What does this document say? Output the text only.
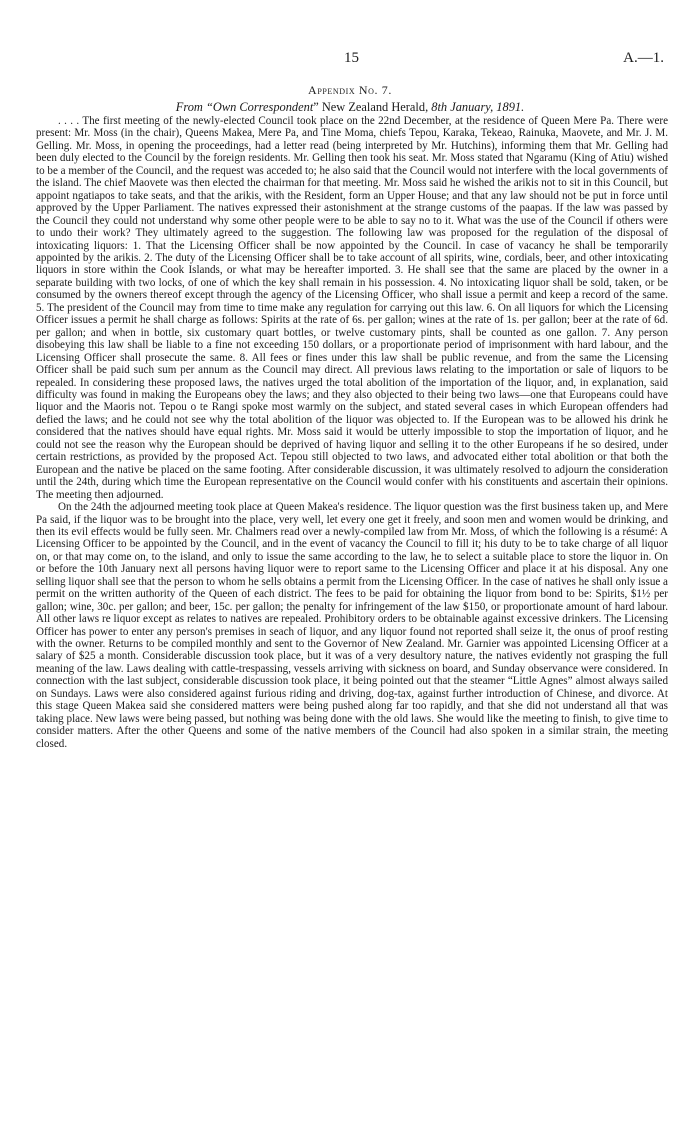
15	A.—1.
Appendix No. 7.
From “Own Correspondent” New Zealand Herald, 8th January, 1891.

. . . . The first meeting of the newly-elected Council took place on the 22nd December, at the residence of Queen Mere Pa. There were present: Mr. Moss (in the chair), Queens Makea, Mere Pa, and Tine Moma, chiefs Tepou, Karaka, Tekeao, Rainuka, Maovete, and Mr. J. M. Gelling. Mr. Moss, in opening the proceedings, had a letter read (being interpreted by Mr. Hutchins), informing them that Mr. Gelling had been duly elected to the Council by the foreign residents. Mr. Gelling then took his seat. Mr. Moss stated that Ngaramu (King of Atiu) wished to be a member of the Council, and the request was acceded to; he also said that the Council would not interfere with the local governments of the island. The chief Maovete was then elected the chairman for that meeting. Mr. Moss said he wished the arikis not to sit in this Council, but appoint ngatiapos to take seats, and that the arikis, with the Resident, form an Upper House; and that any law should not be put in force until approved by the Upper Parliament. The natives expressed their astonishment at the strange customs of the paapas. If the law was passed by the Council they could not understand why some other people were to be able to say no to it. What was the use of the Council if others were to undo their work? They ultimately agreed to the suggestion. The following law was proposed for the regulation of the disposal of intoxicating liquors: 1. That the Licensing Officer shall be now appointed by the Council. In case of vacancy he shall be temporarily appointed by the arikis. 2. The duty of the Licensing Officer shall be to take account of all spirits, wine, cordials, beer, and other intoxicating liquors in store within the Cook Islands, or what may be hereafter imported. 3. He shall see that the same are placed by the owner in a separate building with two locks, of one of which the key shall remain in his possession. 4. No intoxicating liquor shall be sold, taken, or be consumed by the owners thereof except through the agency of the Licensing Officer, who shall issue a permit and keep a record of the same. 5. The president of the Council may from time to time make any regulation for carrying out this law. 6. On all liquors for which the Licensing Officer issues a permit he shall charge as follows: Spirits at the rate of 6s. per gallon; wines at the rate of 1s. per gallon; beer at the rate of 6d. per gallon; and when in bottle, six customary quart bottles, or twelve customary pints, shall be counted as one gallon. 7. Any person disobeying this law shall be liable to a fine not exceeding 150 dollars, or a proportionate period of imprisonment with hard labour, and the Licensing Officer shall prosecute the same. 8. All fees or fines under this law shall be public revenue, and from the same the Licensing Officer shall be paid such sum per annum as the Council may direct. All previous laws relating to the importation or sale of liquors to be repealed. In considering these proposed laws, the natives urged the total abolition of the importation of the liquor, and, in explanation, said difficulty was found in making the Europeans obey the laws; and they also objected to their being two laws—one that Europeans could have liquor and the Maoris not. Tepou o te Rangi spoke most warmly on the subject, and stated several cases in which European offenders had defied the laws; and he could not see why the total abolition of the liquor was objected to. If the European was to be allowed his drink he considered that the natives should have equal rights. Mr. Moss said it would be utterly impossible to stop the importation of liquor, and he could not see the reason why the European should be deprived of having liquor and selling it to the other Europeans if he so desired, under certain restrictions, as provided by the proposed Act. Tepou still objected to two laws, and advocated either total abolition or that both the European and the native be placed on the same footing. After considerable discussion, it was ultimately resolved to adjourn the consideration until the 24th, during which time the European representative on the Council would confer with his constituents and ascertain their opinions. The meeting then adjourned.

On the 24th the adjourned meeting took place at Queen Makea's residence. The liquor question was the first business taken up, and Mere Pa said, if the liquor was to be brought into the place, very well, let every one get it freely, and soon men and women would be drinking, and then its evil effects would be fully seen. Mr. Chalmers read over a newly-compiled law from Mr. Moss, of which the following is a résumé: A Licensing Officer to be appointed by the Council, and in the event of vacancy the Council to fill it; his duty to be to take charge of all liquor on, or that may come on, to the island, and only to issue the same according to the law, he to select a suitable place to store the liquor in. On or before the 10th January next all persons having liquor were to report same to the Licensing Officer and place it at his disposal. Any one selling liquor shall see that the person to whom he sells obtains a permit from the Licensing Officer. In the case of natives he shall only issue a permit on the written authority of the Queen of each district. The fees to be paid for obtaining the liquor from bond to be: Spirits, $1½ per gallon; wine, 30c. per gallon; and beer, 15c. per gallon; the penalty for infringement of the law $150, or proportionate amount of hard labour. All other laws re liquor except as relates to natives are repealed. Prohibitory orders to be obtainable against excessive drinkers. The Licensing Officer has power to enter any person's premises in seach of liquor, and any liquor found not reported shall seize it, the onus of proof resting with the owner. Returns to be compiled monthly and sent to the Governor of New Zealand. Mr. Garnier was appointed Licensing Officer at a salary of $25 a month. Considerable discussion took place, but it was of a very desultory nature, the natives evidently not grasping the full meaning of the law. Laws dealing with cattle-trespassing, vessels arriving with sickness on board, and Sunday observance were considered. In connection with the last subject, considerable discussion took place, it being pointed out that the steamer “Little Agnes” almost always sailed on Sundays. Laws were also considered against furious riding and driving, dog-tax, against further introduction of Chinese, and divorce. At this stage Queen Makea said she considered matters were being pushed along far too rapidly, and that she did not understand all that was taking place. New laws were being passed, but nothing was being done with the old laws. She would like the meeting to finish, to give time to consider matters. After the other Queens and some of the native members of the Council had also spoken in a similar strain, the meeting closed.
